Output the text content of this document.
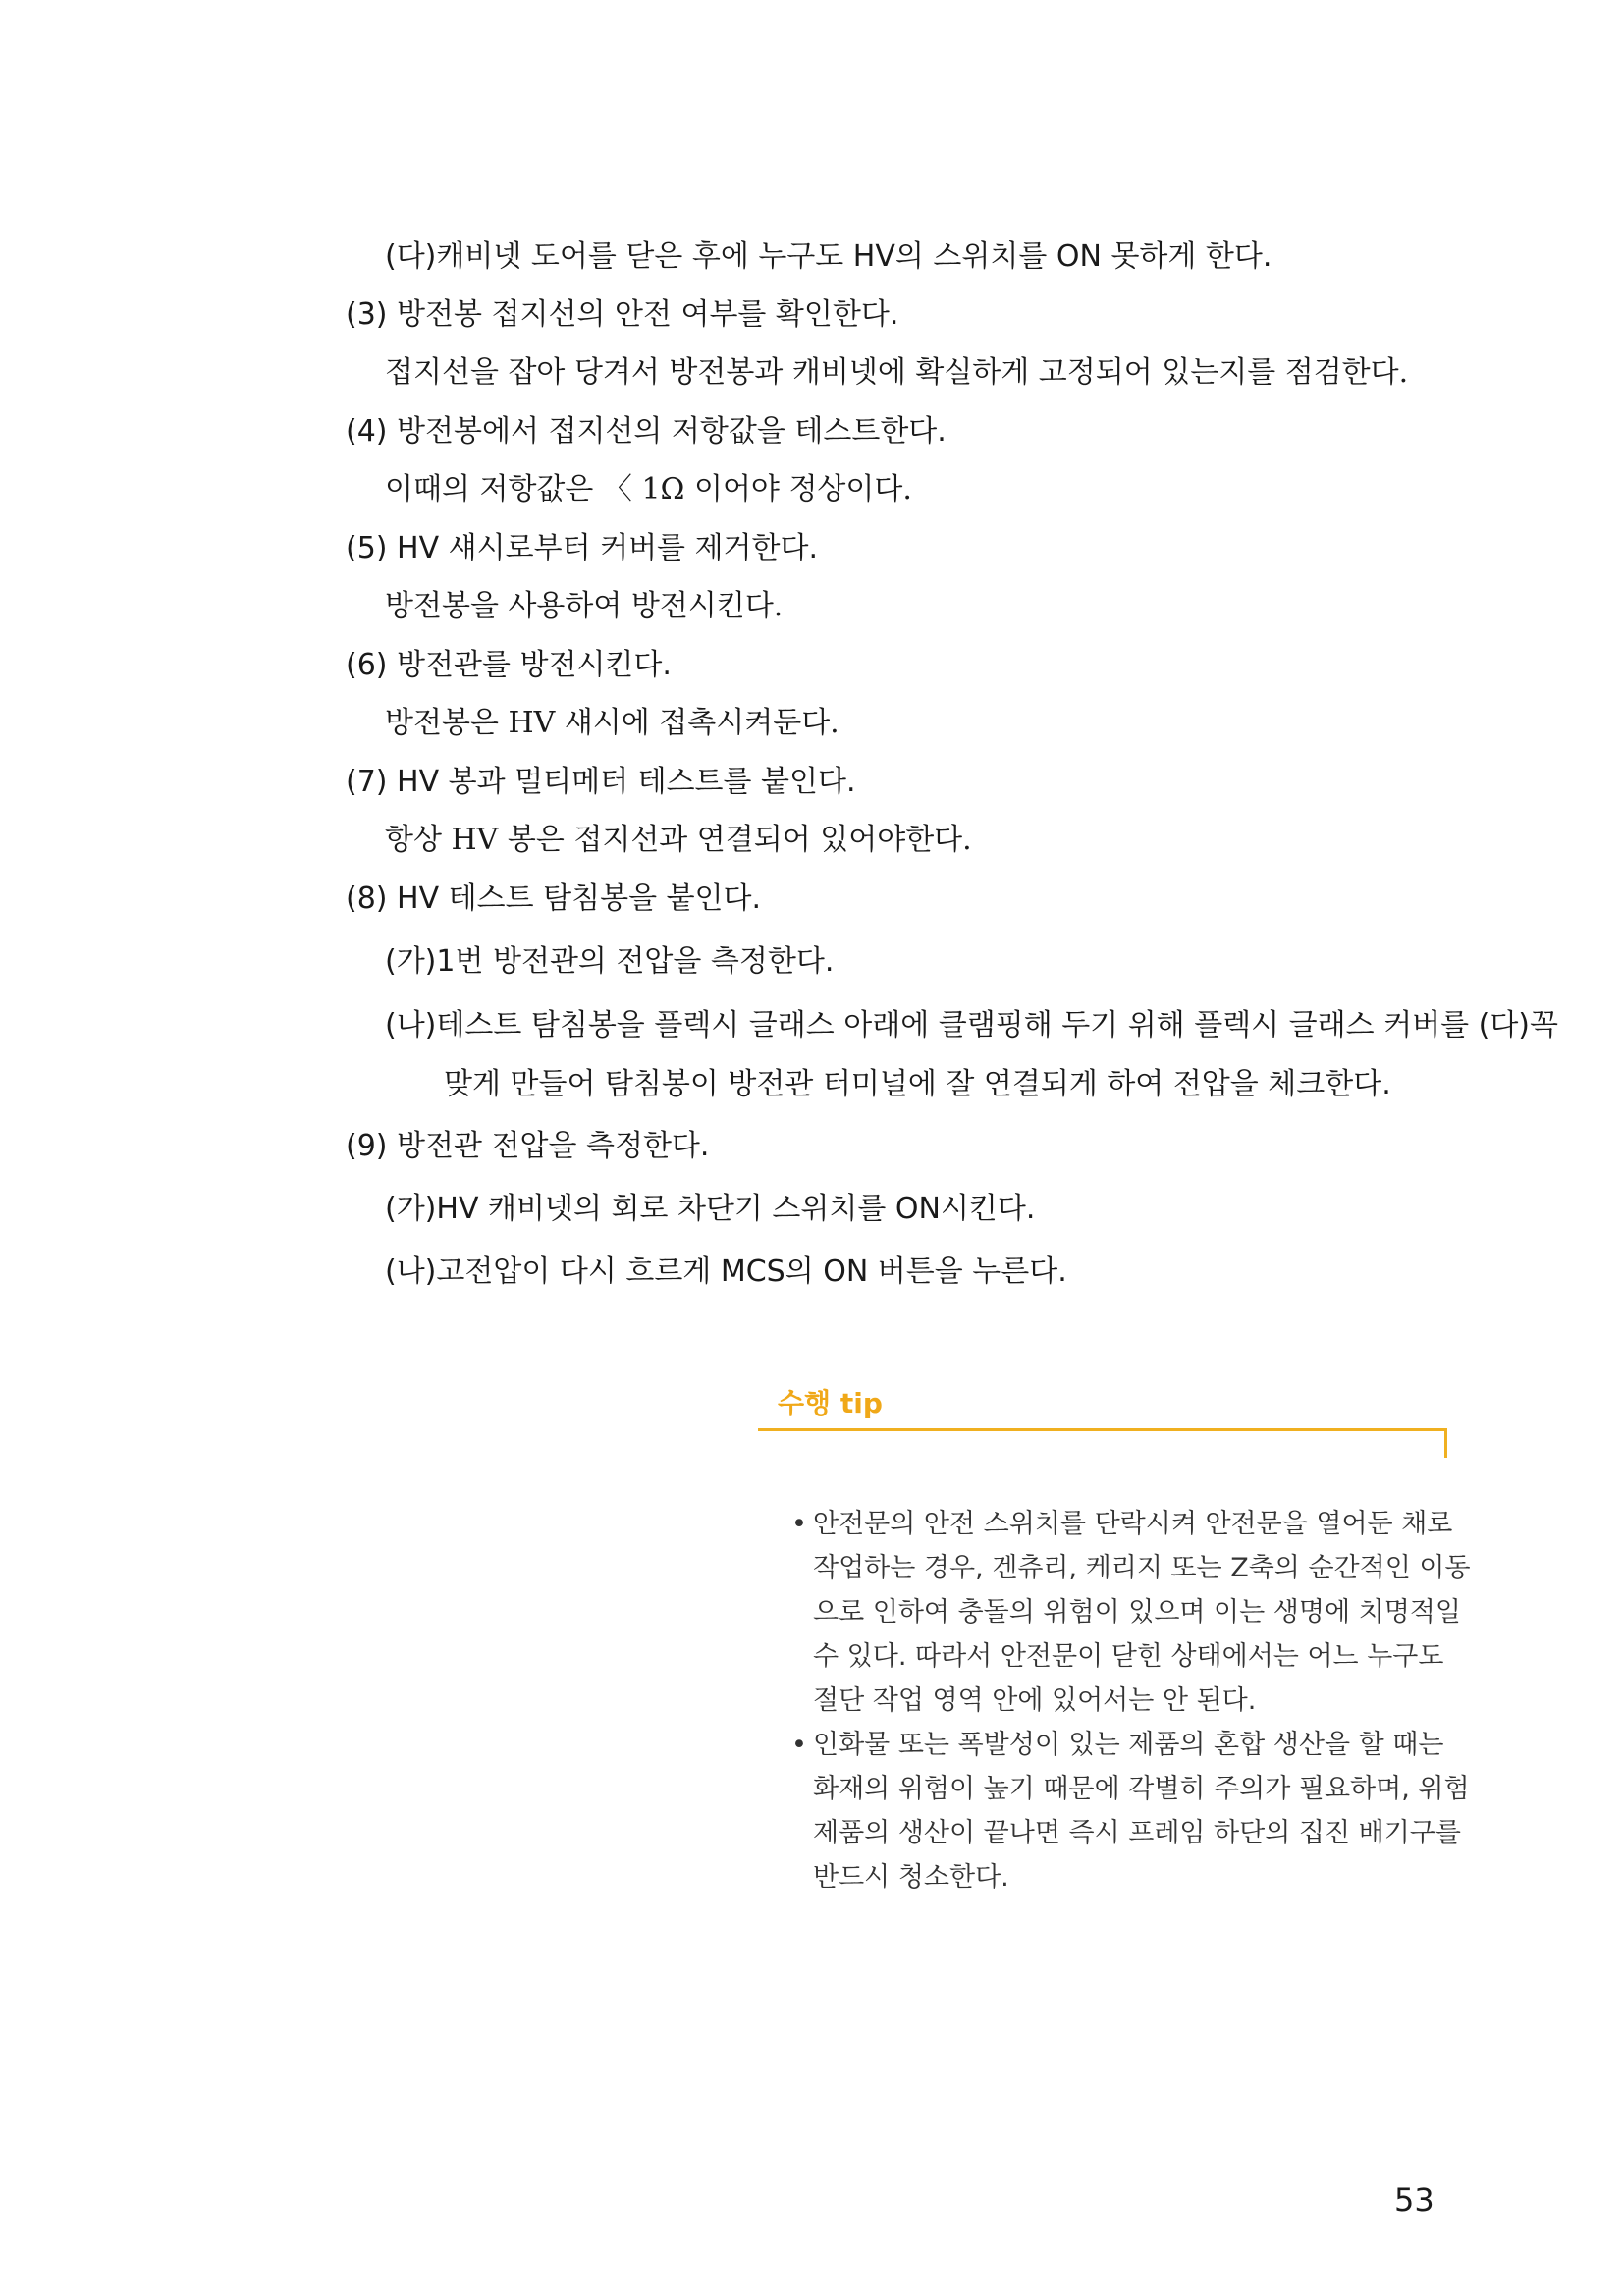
(다)캐비넷 도어를 닫은 후에 누구도 HV의 스위치를 ON 못하게 한다.
(3) 방전봉 접지선의 안전 여부를 확인한다.
접지선을 잡아 당겨서 방전봉과 캐비넷에 확실하게 고정되어 있는지를 점검한다.
(4) 방전봉에서 접지선의 저항값을 테스트한다.
이때의 저항값은 〈 1Ω 이어야 정상이다.
(5) HV 섀시로부터 커버를 제거한다.
방전봉을 사용하여 방전시킨다.
(6) 방전관를 방전시킨다.
방전봉은 HV 섀시에 접촉시켜둔다.
(7) HV 봉과 멀티메터 테스트를 붙인다.
항상 HV 봉은 접지선과 연결되어 있어야한다.
(8) HV 테스트 탐침봉을 붙인다.
(가)1번 방전관의 전압을 측정한다.
(나)테스트 탐침봉을 플렉시 글래스 아래에 클램핑해 두기 위해 플렉시 글래스 커버를 (다)꼭
맞게 만들어 탐침봉이 방전관 터미널에 잘 연결되게 하여 전압을 체크한다.
(9) 방전관 전압을 측정한다.
(가)HV 캐비넷의 회로 차단기 스위치를 ON시킨다.
(나)고전압이 다시 흐르게 MCS의 ON 버튼을 누른다.
수행 tip
• 안전문의 안전 스위치를 단락시켜 안전문을 열어둔 채로
작업하는 경우, 겐츄리, 케리지 또는 Z축의 순간적인 이동
으로 인하여 충돌의 위험이 있으며 이는 생명에 치명적일
수 있다. 따라서 안전문이 닫힌 상태에서는 어느 누구도
절단 작업 영역 안에 있어서는 안 된다.
• 인화물 또는 폭발성이 있는 제품의 혼합 생산을 할 때는
화재의 위험이 높기 때문에 각별히 주의가 필요하며, 위험
제품의 생산이 끝나면 즉시 프레임 하단의 집진 배기구를
반드시 청소한다.
53
